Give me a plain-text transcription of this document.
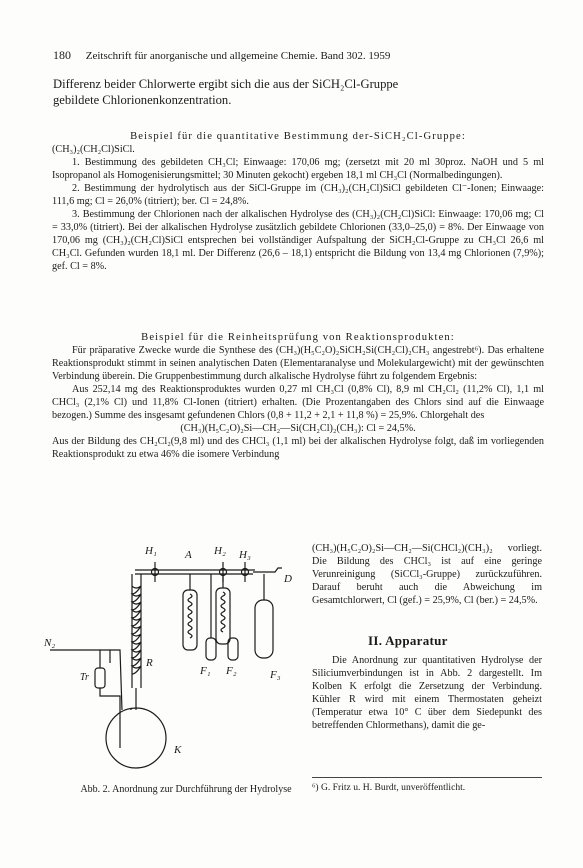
180 Zeitschrift für anorganische und allgemeine Chemie. Band 302. 1959
Differenz beider Chlorwerte ergibt sich die aus der SiCH₂Cl-Gruppe
gebildete Chlorionenkonzentration.

Beispiel für die quantitative Bestimmung der-SiCH₂Cl-Gruppe:

(CH₃)₂(CH₂Cl)SiCl.

1. Bestimmung des gebildeten CH₃Cl; Einwaage: 170,06 mg; (zersetzt mit 20 ml 30proz. NaOH und 5 ml Isopropanol als Homogenisierungsmittel; 30 Minuten gekocht) ergeben 18,1 ml CH₃Cl (Normalbedingungen).

2. Bestimmung der hydrolytisch aus der SiCl-Gruppe im (CH₃)₂(CH₂Cl)SiCl gebildeten Cl⁻-Ionen; Einwaage: 111,6 mg; Cl = 26,0% (titriert); ber. Cl = 24,8%.

3. Bestimmung der Chlorionen nach der alkalischen Hydrolyse des (CH₃)₂(CH₂Cl)SiCl: Einwaage: 170,06 mg; Cl = 33,0% (titriert). Bei der alkalischen Hydrolyse zusätzlich gebildete Chlorionen (33,0–25,0) = 8%. Der Einwaage von 170,06 mg (CH₃)₂(CH₂Cl)SiCl entsprechen bei vollständiger Aufspaltung der SiCH₂Cl-Gruppe zu CH₃Cl 26,6 ml CH₃Cl. Gefunden wurden 18,1 ml. Der Differenz (26,6 – 18,1) entspricht die Bildung von 13,4 mg Chlorionen (7,9%); gef. Cl = 8%.

Beispiel für die Reinheitsprüfung von Reaktionsprodukten:

Für präparative Zwecke wurde die Synthese des (CH₃)(H₅C₂O)₂SiCH₂Si(CH₂Cl)₂CH₃ angestrebt⁶). Das erhaltene Reaktionsprodukt stimmt in seinen analytischen Daten (Elementaranalyse und Molekulargewicht) mit der gewünschten Verbindung überein. Die Gruppenbestimmung durch alkalische Hydrolyse führt zu folgendem Ergebnis:

Aus 252,14 mg des Reaktionsproduktes wurden 0,27 ml CH₃Cl (0,8% Cl), 8,9 ml CH₂Cl₂ (11,2% Cl), 1,1 ml CHCl₃ (2,1% Cl) und 11,8% Cl-Ionen (titriert) erhalten. (Die Prozentangaben des Chlors sind auf die Einwaage bezogen.) Summe des insgesamt gefundenen Chlors (0,8 + 11,2 + 2,1 + 11,8 %) = 25,9%. Chlorgehalt des

(CH₃)(H₅C₂O)₂Si—CH₂—Si(CH₂Cl)₂(CH₃): Cl = 24,5%.

Aus der Bildung des CH₂Cl₂(9,8 ml) und des CHCl₃ (1,1 ml) bei der alkalischen Hydrolyse folgt, daß im vorliegenden Reaktionsprodukt zu etwa 46% die isomere Verbindung

(CH₃)(H₅C₂O)₂Si—CH₂—Si(CHCl₂)(CH₃)₂ vorliegt. Die Bildung des CHCl₃ ist auf eine geringe Verunreinigung (SiCCl₃-Gruppe) zurückzuführen. Darauf beruht auch die Abweichung im Gesamtchlorwert, Cl (gef.) = 25,9%, Cl (ber.) = 24,5%.

II. Apparatur

Die Anordnung zur quantitativen Hydrolyse der Siliciumverbindungen ist in Abb. 2 dargestellt. Im Kolben K erfolgt die Zersetzung der Verbindung. Kühler R wird mit einem Thermostaten geheizt (Temperatur etwa 10° C über dem Siedepunkt des betreffenden Chlormethans), damit die ge-

H₁	A H₂ H₃
D
N₂
Tr
R
F₁ F₂	F₃
K
Abb. 2. Anordnung zur Durchführung der Hydrolyse	⁶) G. Fritz u. H. Burdt, unveröffentlicht.
